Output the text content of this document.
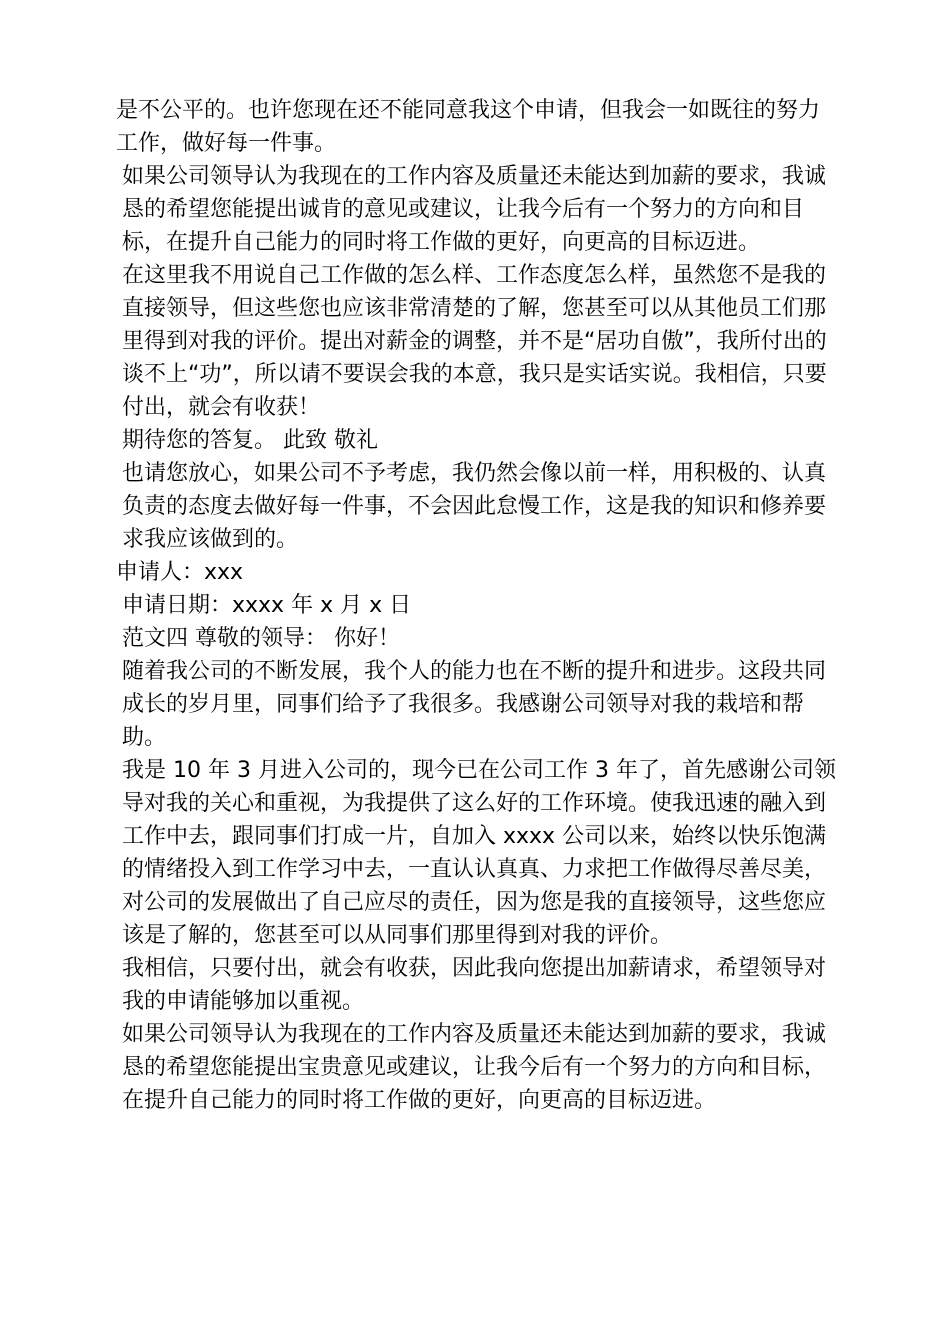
是不公平的。也许您现在还不能同意我这个申请，但我会一如既往的努力工作，做好每一件事。

如果公司领导认为我现在的工作内容及质量还未能达到加薪的要求，我诚恳的希望您能提出诚肯的意见或建议，让我今后有一个努力的方向和目标，在提升自己能力的同时将工作做的更好，向更高的目标迈进。

在这里我不用说自己工作做的怎么样、工作态度怎么样，虽然您不是我的直接领导，但这些您也应该非常清楚的了解，您甚至可以从其他员工们那里得到对我的评价。提出对薪金的调整，并不是“居功自傲”，我所付出的谈不上“功”，所以请不要误会我的本意，我只是实话实说。我相信，只要付出，就会有收获！

期待您的答复。 此致 敬礼

也请您放心，如果公司不予考虑，我仍然会像以前一样，用积极的、认真负责的态度去做好每一件事，不会因此怠慢工作，这是我的知识和修养要求我应该做到的。

申请人：xxx

申请日期：xxxx 年 x 月 x 日

范文四 尊敬的领导： 你好！

随着我公司的不断发展，我个人的能力也在不断的提升和进步。这段共同成长的岁月里，同事们给予了我很多。我感谢公司领导对我的栽培和帮助。

我是 10 年 3 月进入公司的，现今已在公司工作 3 年了，首先感谢公司领导对我的关心和重视，为我提供了这么好的工作环境。使我迅速的融入到工作中去，跟同事们打成一片，自加入 xxxx 公司以来，始终以快乐饱满的情绪投入到工作学习中去，一直认认真真、力求把工作做得尽善尽美，对公司的发展做出了自己应尽的责任，因为您是我的直接领导，这些您应该是了解的，您甚至可以从同事们那里得到对我的评价。

我相信，只要付出，就会有收获，因此我向您提出加薪请求，希望领导对我的申请能够加以重视。

如果公司领导认为我现在的工作内容及质量还未能达到加薪的要求，我诚恳的希望您能提出宝贵意见或建议，让我今后有一个努力的方向和目标，在提升自己能力的同时将工作做的更好，向更高的目标迈进。
